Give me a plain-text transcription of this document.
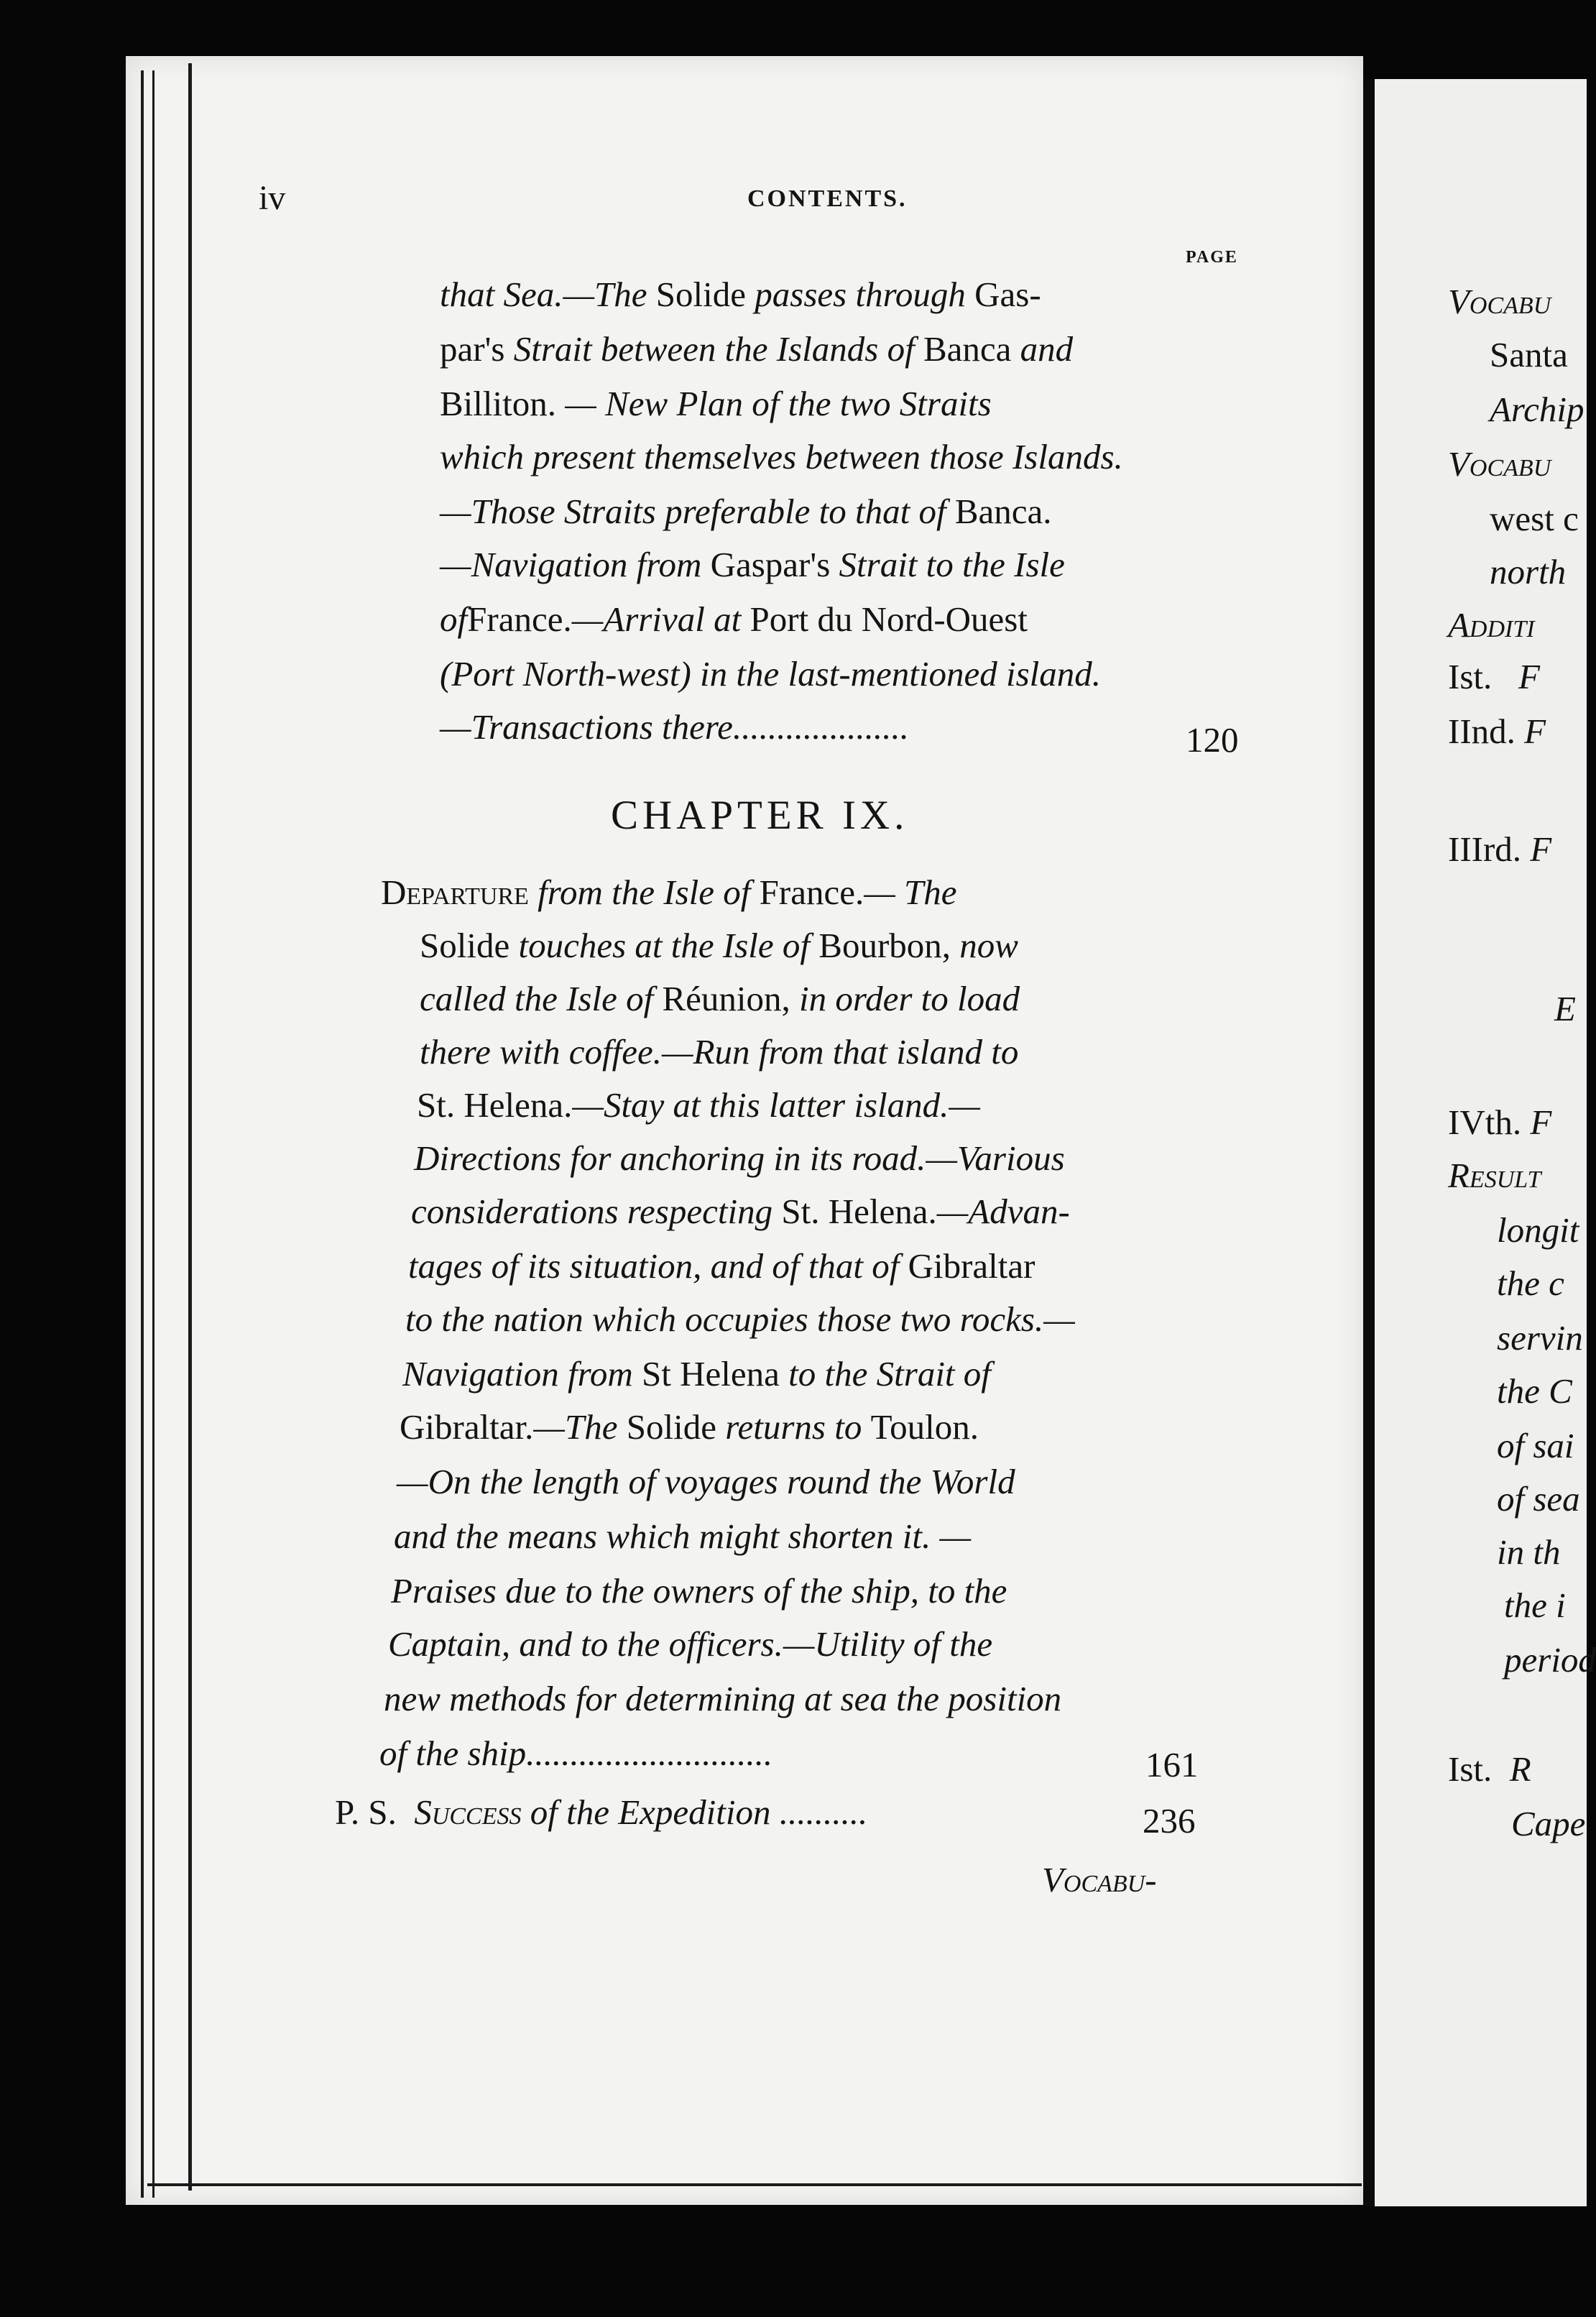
iv	CONTENTS.
PAGE
that Sea.—The Solide passes through Gas-
par's Strait between the Islands of Banca and
Billiton. — New Plan of the two Straits
which present themselves between those Islands.
—Those Straits preferable to that of Banca.
—Navigation from Gaspar's Strait to the Isle
ofFrance.—Arrival at Port du Nord-Ouest
(Port North-west) in the last-mentioned island.
—Transactions there....................	120
CHAPTER IX.
Departure from the Isle of France.— The
Solide touches at the Isle of Bourbon, now
called the Isle of Réunion, in order to load
there with coffee.—Run from that island to
St. Helena.—Stay at this latter island.—
Directions for anchoring in its road.—Various
considerations respecting St. Helena.—Advan-
tages of its situation, and of that of Gibraltar
to the nation which occupies those two rocks.—
Navigation from St Helena to the Strait of
Gibraltar.—The Solide returns to Toulon.
—On the length of voyages round the World
and the means which might shorten it. —
Praises due to the owners of the ship, to the
Captain, and to the officers.—Utility of the
new methods for determining at sea the position
of the ship............................	161
P. S. Success of the Expedition ..........	236
Vocabu-
Vocabu
Santa
Archip
Vocabu
west c
north
Additi
Ist. F
IInd. F
IIIrd. F
E
IVth. F
Result
longit
the c
servin
the C
of sai
of sea
in th
the i
period
Ist. R
Cape
